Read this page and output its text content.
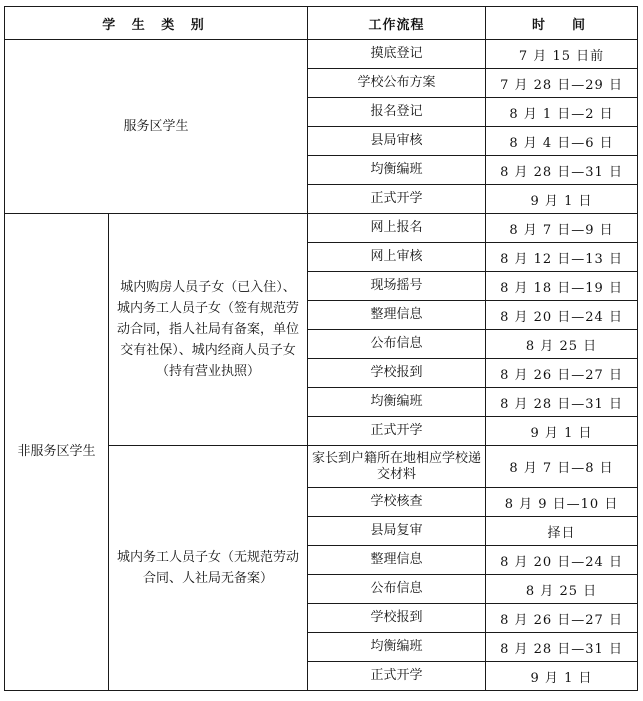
学 生 类 别		工作流程	时  间
服务区学生		摸底登记	7 月 15 日前
		学校公布方案	7 月 28 日—29 日
		报名登记	8 月 1 日—2 日
		县局审核	8 月 4 日—6 日
		均衡编班	8 月 28 日—31 日
		正式开学	9 月 1 日
非服务区学生	城内购房人员子女（已入住）、 城内务工人员子女（签有规范劳动合同，指人社局有备案，单位交有社保）、城内经商人员子女（持有营业执照）	网上报名	8 月 7 日—9 日
		网上审核	8 月 12 日—13 日
		现场摇号	8 月 18 日—19 日
		整理信息	8 月 20 日—24 日
		公布信息	8 月 25 日
		学校报到	8 月 26 日—27 日
		均衡编班	8 月 28 日—31 日
		正式开学	9 月 1 日
	城内务工人员子女（无规范劳动合同、人社局无备案）	家长到户籍所在地相应学校递交材料	8 月 7 日—8 日
		学校核查	8 月 9 日—10 日
		县局复审	择日
		整理信息	8 月 20 日—24 日
		公布信息	8 月 25 日
		学校报到	8 月 26 日—27 日
		均衡编班	8 月 28 日—31 日
		正式开学	9 月 1 日
